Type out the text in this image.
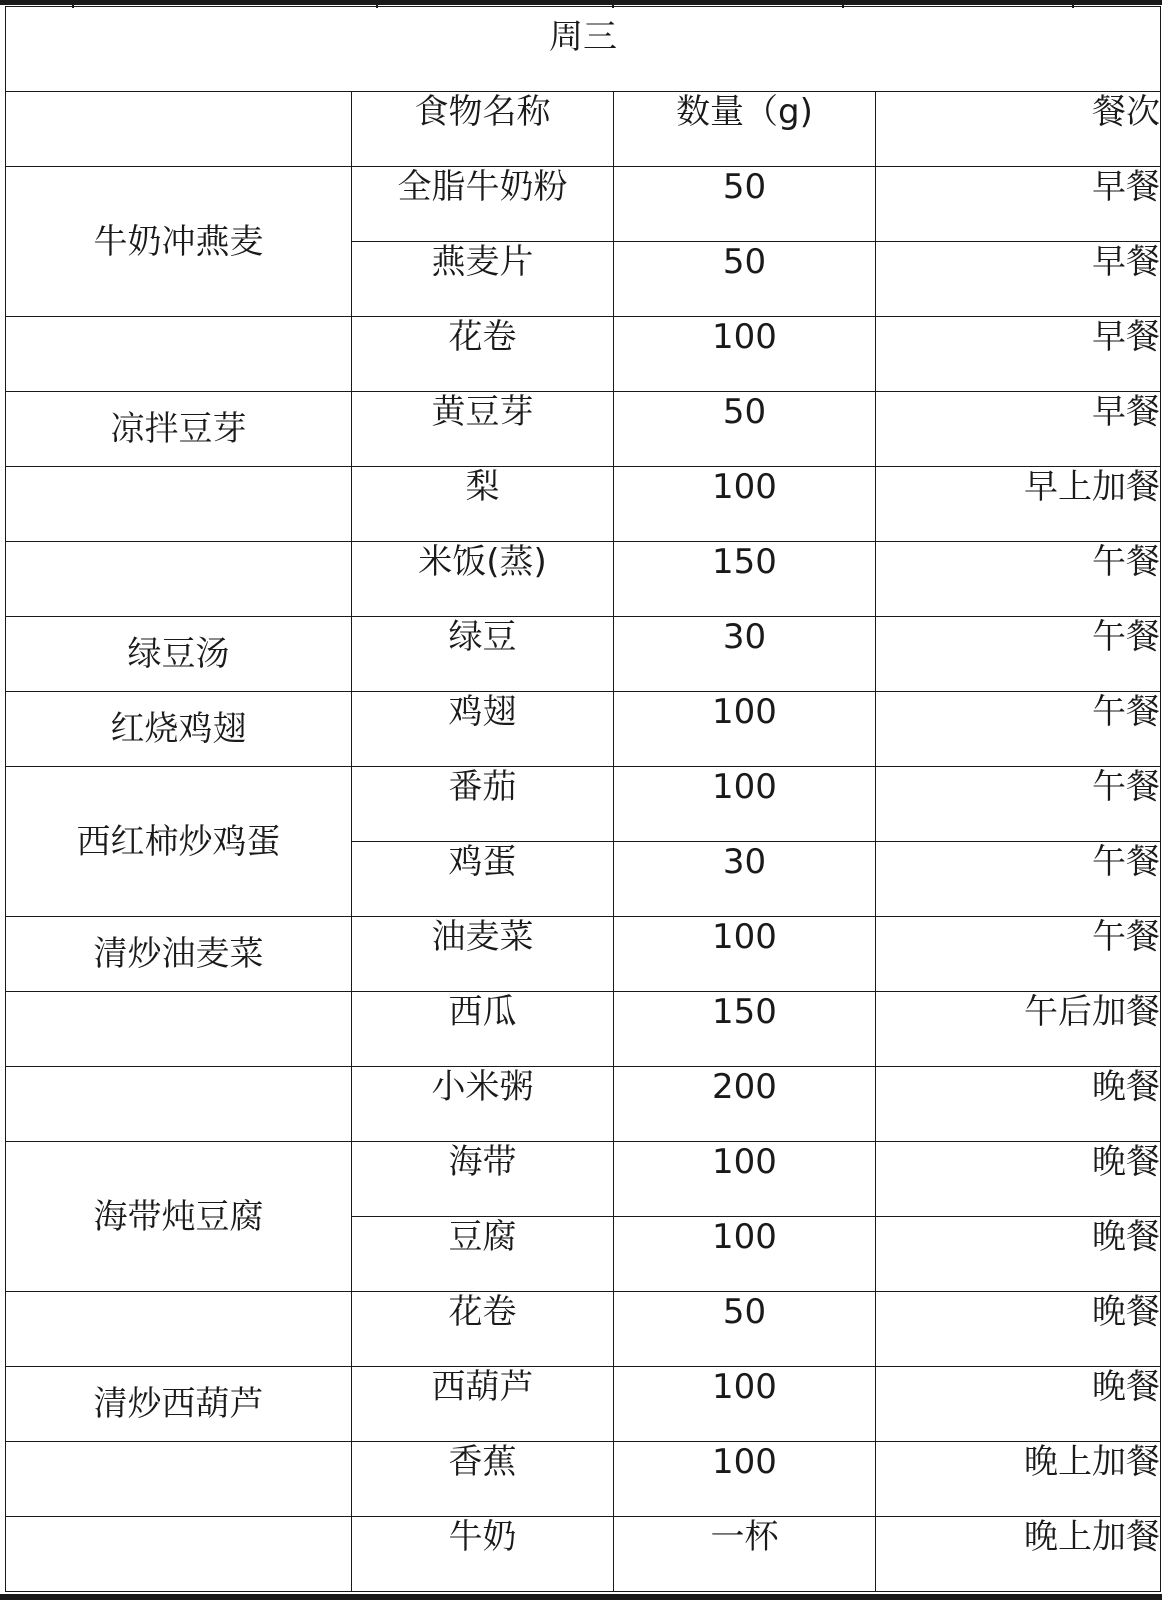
周三			
	食物名称	数量（g)	餐次
牛奶冲燕麦	全脂牛奶粉	50	早餐
	燕麦片	50	早餐
	花卷	100	早餐
凉拌豆芽	黄豆芽	50	早餐
	梨	100	早上加餐
	米饭(蒸)	150	午餐
绿豆汤	绿豆	30	午餐
红烧鸡翅	鸡翅	100	午餐
西红柿炒鸡蛋	番茄	100	午餐
	鸡蛋	30	午餐
清炒油麦菜	油麦菜	100	午餐
	西瓜	150	午后加餐
	小米粥	200	晚餐
海带炖豆腐	海带	100	晚餐
	豆腐	100	晚餐
	花卷	50	晚餐
清炒西葫芦	西葫芦	100	晚餐
	香蕉	100	晚上加餐
	牛奶	一杯	晚上加餐
